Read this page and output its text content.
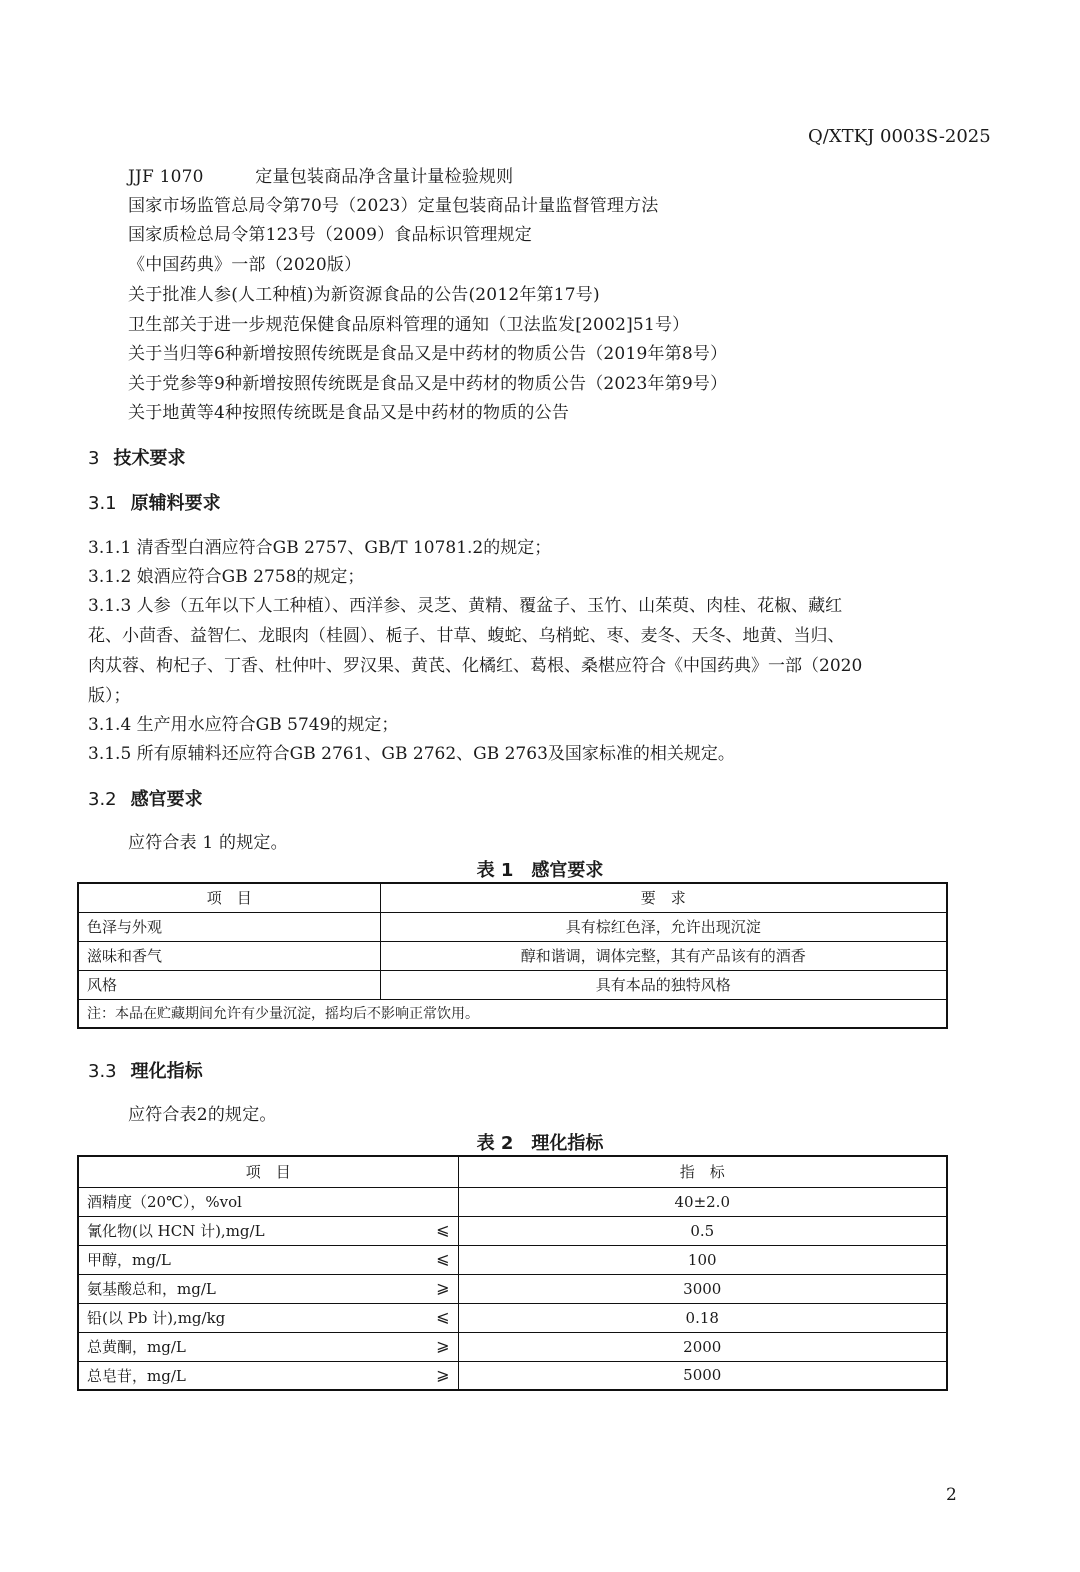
Q/XTKJ 0003S-2025
JJF 1070　　　定量包装商品净含量计量检验规则
国家市场监管总局令第70号（2023）定量包装商品计量监督管理方法
国家质检总局令第123号（2009）食品标识管理规定
《中国药典》一部（2020版）
关于批准人参(人工种植)为新资源食品的公告(2012年第17号)
卫生部关于进一步规范保健食品原料管理的通知（卫法监发[2002]51号）
关于当归等6种新增按照传统既是食品又是中药材的物质公告（2019年第8号）
关于党参等9种新增按照传统既是食品又是中药材的物质公告（2023年第9号）
关于地黄等4种按照传统既是食品又是中药材的物质的公告
3 技术要求
3.1 原辅料要求
3.1.1 清香型白酒应符合GB 2757、GB/T 10781.2的规定；
3.1.2 娘酒应符合GB 2758的规定；
3.1.3 人参（五年以下人工种植）、西洋参、灵芝、黄精、覆盆子、玉竹、山茱萸、肉桂、花椒、藏红
花、小茴香、益智仁、龙眼肉（桂圆）、栀子、甘草、蝮蛇、乌梢蛇、枣、麦冬、天冬、地黄、当归、
肉苁蓉、枸杞子、丁香、杜仲叶、罗汉果、黄芪、化橘红、葛根、桑椹应符合《中国药典》一部（2020
版）；
3.1.4 生产用水应符合GB 5749的规定；
3.1.5 所有原辅料还应符合GB 2761、GB 2762、GB 2763及国家标准的相关规定。
3.2 感官要求
应符合表 1 的规定。
表 1　感官要求
项　目	要　求
色泽与外观	具有棕红色泽，允许出现沉淀
滋味和香气	醇和谐调，调体完整，其有产品该有的酒香
风格	具有本品的独特风格
注：本品在贮藏期间允许有少量沉淀，摇均后不影响正常饮用。	
3.3 理化指标
应符合表2的规定。
表 2　理化指标
项　目	指　标
酒精度（20℃），%vol	40±2.0
氰化物(以 HCN 计),mg/L ⩽	0.5
甲醇，mg/L ⩽	100
氨基酸总和，mg/L ⩾	3000
铅(以 Pb 计),mg/kg ⩽	0.18
总黄酮，mg/L ⩾	2000
总皂苷，mg/L ⩾	5000
2
